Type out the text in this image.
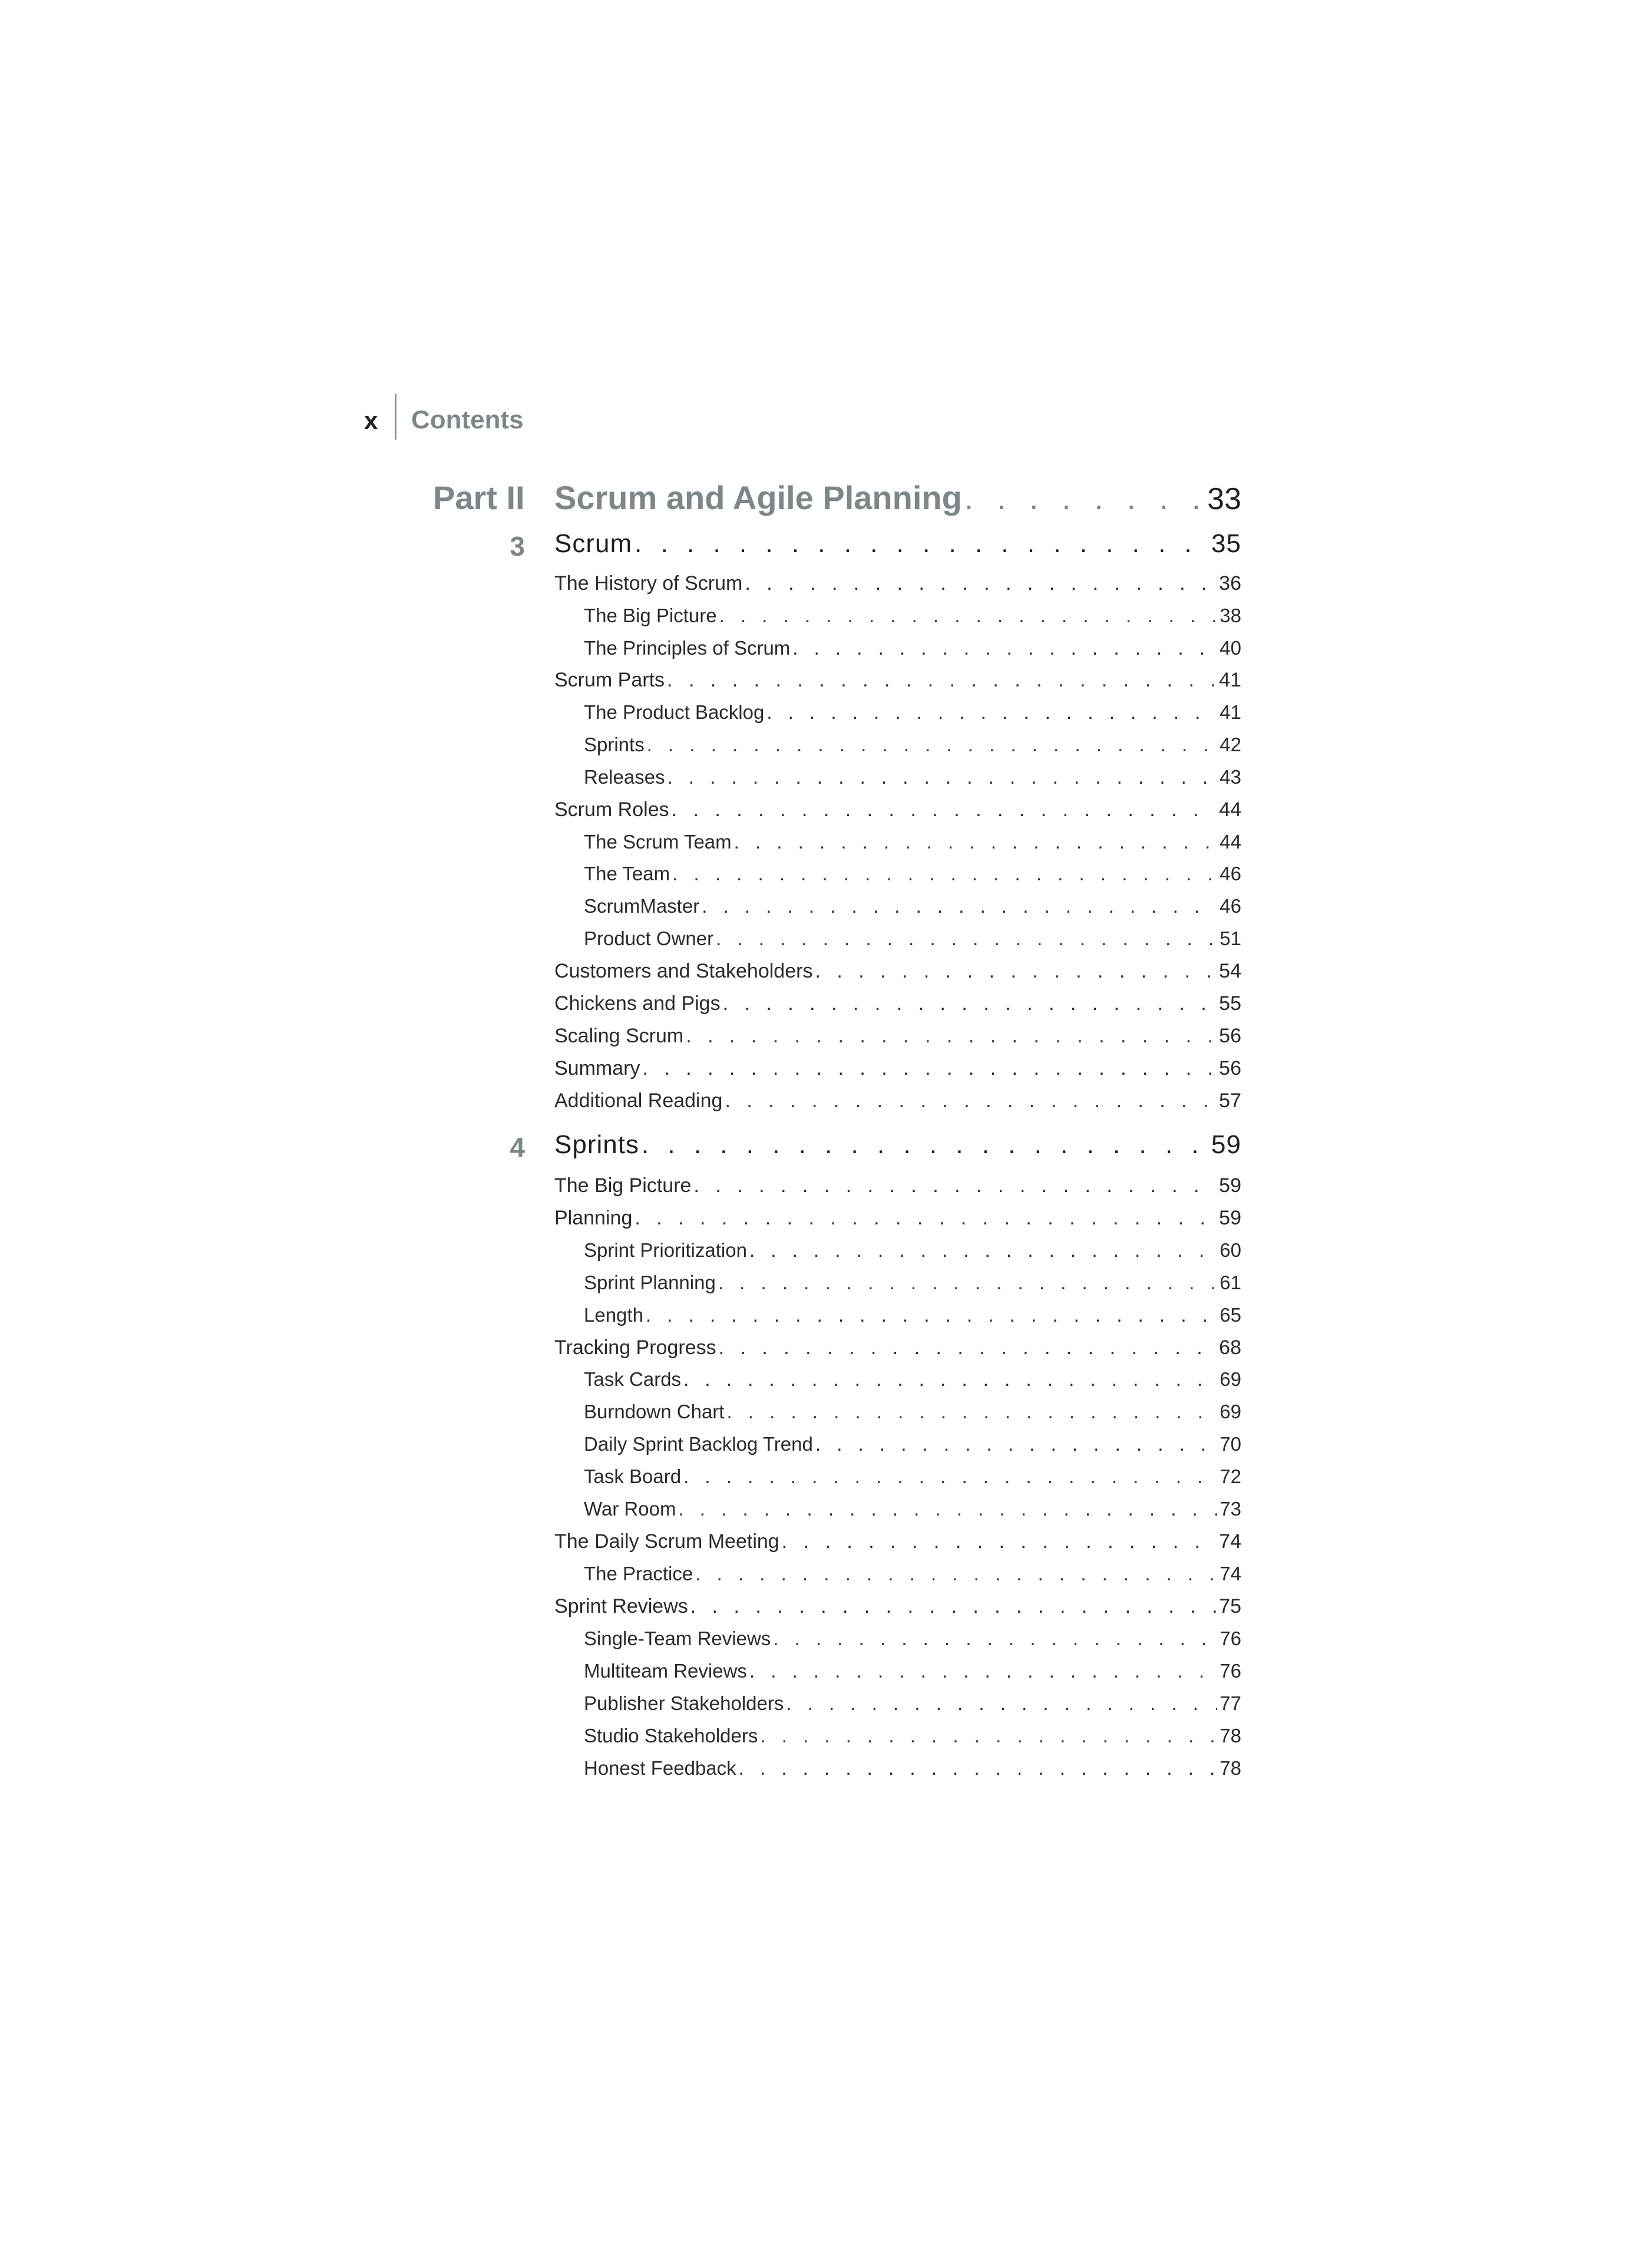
x Contents
Part II Scrum and Agile Planning . . .	33
3 Scrum . . .	35
The History of Scrum . . .	36
The Big Picture . . .	38
The Principles of Scrum . . .	40
Scrum Parts . . .	41
The Product Backlog . . .	41
Sprints . . .	42
Releases . . .	43
Scrum Roles . . .	44
The Scrum Team . . .	44
The Team . . .	46
ScrumMaster . . .	46
Product Owner . . .	51
Customers and Stakeholders . . .	54
Chickens and Pigs . . .	55
Scaling Scrum . . .	56
Summary . . .	56
Additional Reading . . .	57
4 Sprints . . .	59
The Big Picture . . .	59
Planning . . .	59
Sprint Prioritization . . .	60
Sprint Planning . . .	61
Length . . .	65
Tracking Progress . . .	68
Task Cards . . .	69
Burndown Chart . . .	69
Daily Sprint Backlog Trend . . .	70
Task Board . . .	72
War Room . . .	73
The Daily Scrum Meeting . . .	74
The Practice . . .	74
Sprint Reviews . . .	75
Single-Team Reviews . . .	76
Multiteam Reviews . . .	76
Publisher Stakeholders . . .	77
Studio Stakeholders . . .	78
Honest Feedback . . .	78
